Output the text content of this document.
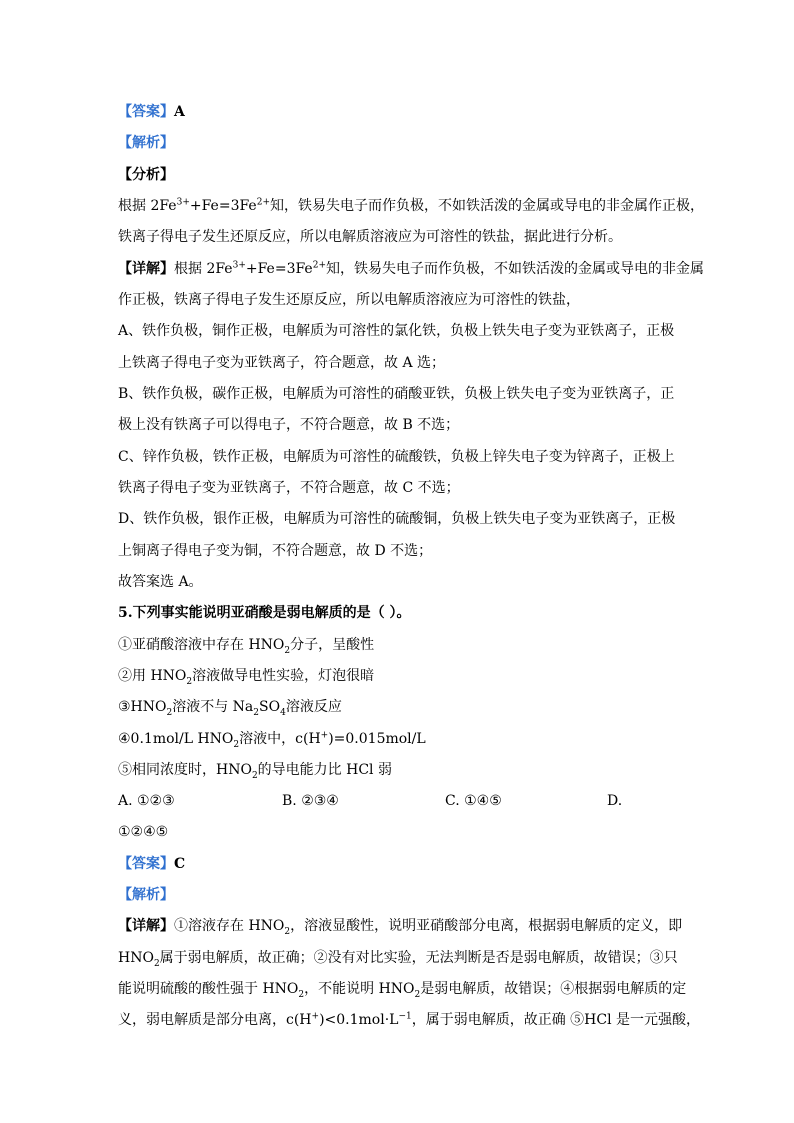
【答案】A
【解析】
【分析】
根据 $2Fe^{3+}+Fe=3Fe^{2+}$知，铁易失电子而作负极，不如铁活泼的金属或导电的非金属作正极，
铁离子得电子发生还原反应，所以电解质溶液应为可溶性的铁盐，据此进行分析。
【详解】根据 $2Fe^{3+}+Fe=3Fe^{2+}$知，铁易失电子而作负极，不如铁活泼的金属或导电的非金属
作正极，铁离子得电子发生还原反应，所以电解质溶液应为可溶性的铁盐，
A、铁作负极，铜作正极，电解质为可溶性的氯化铁，负极上铁失电子变为亚铁离子，正极
上铁离子得电子变为亚铁离子，符合题意，故 A 选；
B、铁作负极，碳作正极，电解质为可溶性的硝酸亚铁，负极上铁失电子变为亚铁离子，正
极上没有铁离子可以得电子，不符合题意，故 B 不选；
C、锌作负极，铁作正极，电解质为可溶性的硫酸铁，负极上锌失电子变为锌离子，正极上
铁离子得电子变为亚铁离子，不符合题意，故 C 不选；
D、铁作负极，银作正极，电解质为可溶性的硫酸铜，负极上铁失电子变为亚铁离子，正极
上铜离子得电子变为铜，不符合题意，故 D 不选；
故答案选 A。
5.下列事实能说明亚硝酸是弱电解质的是（ ）。
①亚硝酸溶液中存在 $HNO_2$分子，呈酸性
②用 $HNO_2$溶液做导电性实验，灯泡很暗
$③HNO_2$溶液不与 $Na_2SO_4$溶液反应
④0.1mol/L $HNO_2$溶液中，c(H+)=0.015mol/L
⑤相同浓度时，$HNO_2$的导电能力比 HCl 弱
A. ①②③	B. ②③④	C. ①④⑤	D.
①②④⑤
【答案】C
【解析】
【详解】①溶液存在 $HNO_2$，溶液显酸性，说明亚硝酸部分电离，根据弱电解质的定义，即
$HNO_2$属于弱电解质，故正确；②没有对比实验，无法判断是否是弱电解质，故错误；③只
能说明硫酸的酸性强于 $HNO_2$，不能说明 $HNO_2$是弱电解质，故错误；④根据弱电解质的定
义，弱电解质是部分电离，$c(H^+)<0.1mol\cdot L^{-1}$，属于弱电解质，故正确 ⑤HCl 是一元强酸，
